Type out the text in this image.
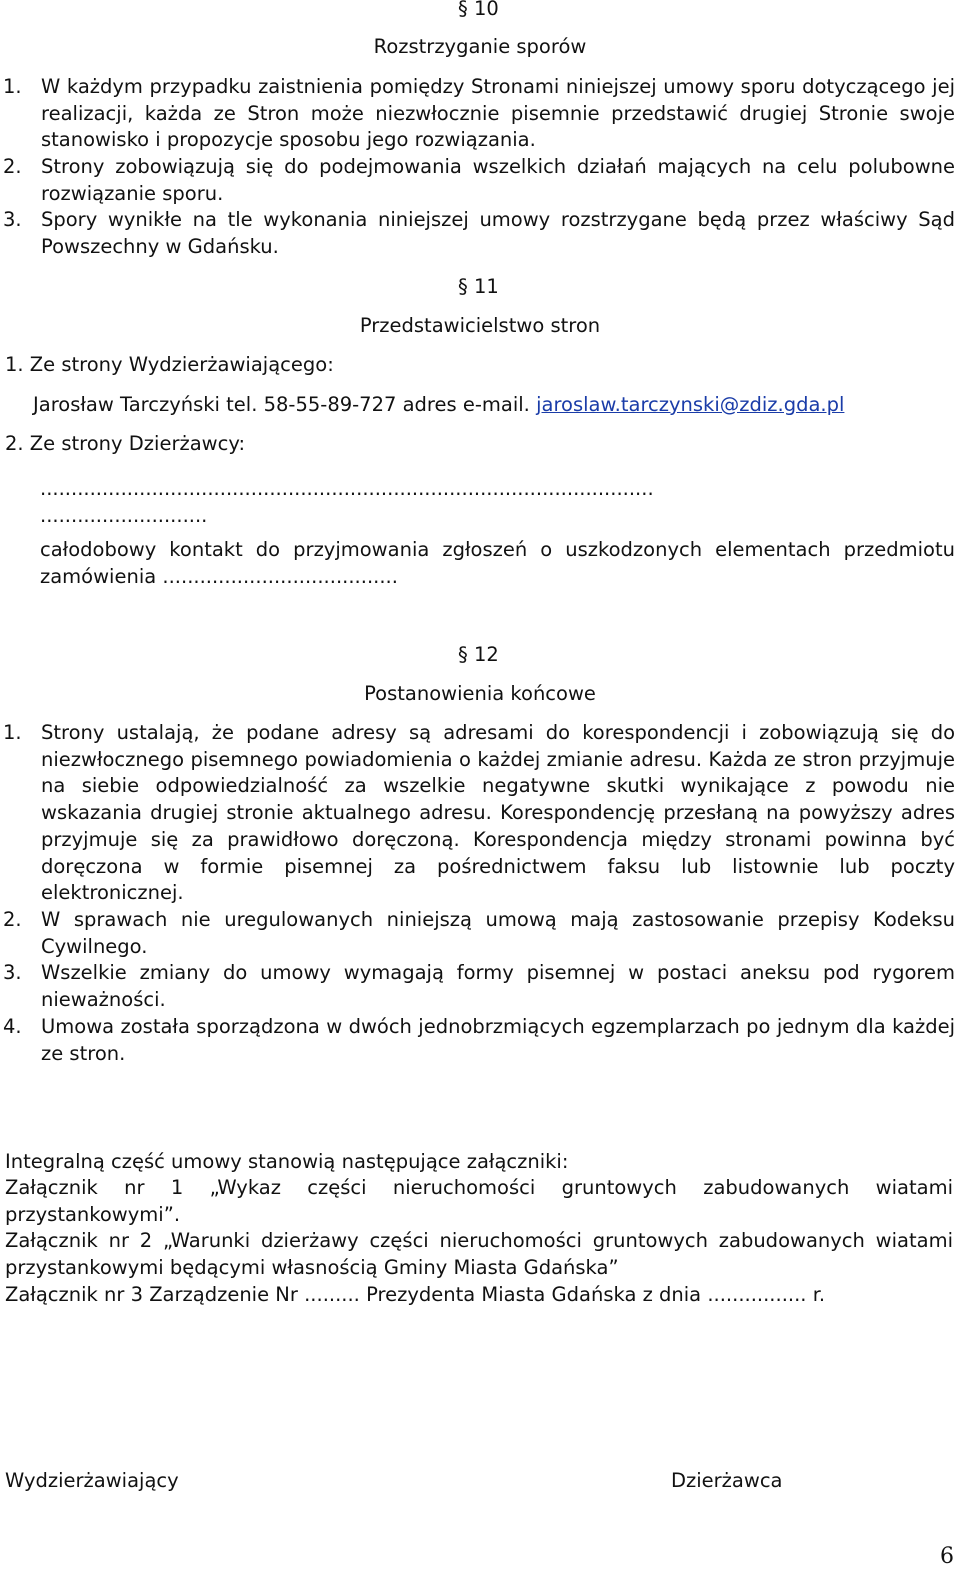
§ 10
Rozstrzyganie sporów
1. W każdym przypadku zaistnienia pomiędzy Stronami niniejszej umowy sporu dotyczącego jej realizacji, każda ze Stron może niezwłocznie pisemnie przedstawić drugiej Stronie swoje stanowisko i propozycje sposobu jego rozwiązania.
2. Strony zobowiązują się do podejmowania wszelkich działań mających na celu polubowne rozwiązanie sporu.
3. Spory wynikłe na tle wykonania niniejszej umowy rozstrzygane będą przez właściwy Sąd Powszechny w Gdańsku.
§ 11
Przedstawicielstwo stron
1. Ze strony Wydzierżawiającego:
Jarosław Tarczyński tel. 58-55-89-727 adres e-mail. jaroslaw.tarczynski@zdiz.gda.pl
2. Ze strony Dzierżawcy:
...................................................................................................
...........................
całodobowy kontakt do przyjmowania zgłoszeń o uszkodzonych elementach przedmiotu zamówienia ......................................
§ 12
Postanowienia końcowe
1. Strony ustalają, że podane adresy są adresami do korespondencji i zobowiązują się do niezwłocznego pisemnego powiadomienia o każdej zmianie adresu. Każda ze stron przyjmuje na siebie odpowiedzialność za wszelkie negatywne skutki wynikające z powodu nie wskazania drugiej stronie aktualnego adresu. Korespondencję przesłaną na powyższy adres przyjmuje się za prawidłowo doręczoną. Korespondencja między stronami powinna być doręczona w formie pisemnej za pośrednictwem faksu lub listownie lub poczty elektronicznej.
2. W sprawach nie uregulowanych niniejszą umową mają zastosowanie przepisy Kodeksu Cywilnego.
3. Wszelkie zmiany do umowy wymagają formy pisemnej w postaci aneksu pod rygorem nieważności.
4. Umowa została sporządzona w dwóch jednobrzmiących egzemplarzach po jednym dla każdej ze stron.
Integralną część umowy stanowią następujące załączniki:
Załącznik nr 1 „Wykaz części nieruchomości gruntowych zabudowanych wiatami przystankowymi”.
Załącznik nr 2 „Warunki dzierżawy części nieruchomości gruntowych zabudowanych wiatami przystankowymi będącymi własnością Gminy Miasta Gdańska”
Załącznik nr 3 Zarządzenie Nr ......... Prezydenta Miasta Gdańska z dnia ................ r.
Wydzierżawiający	Dzierżawca
6
